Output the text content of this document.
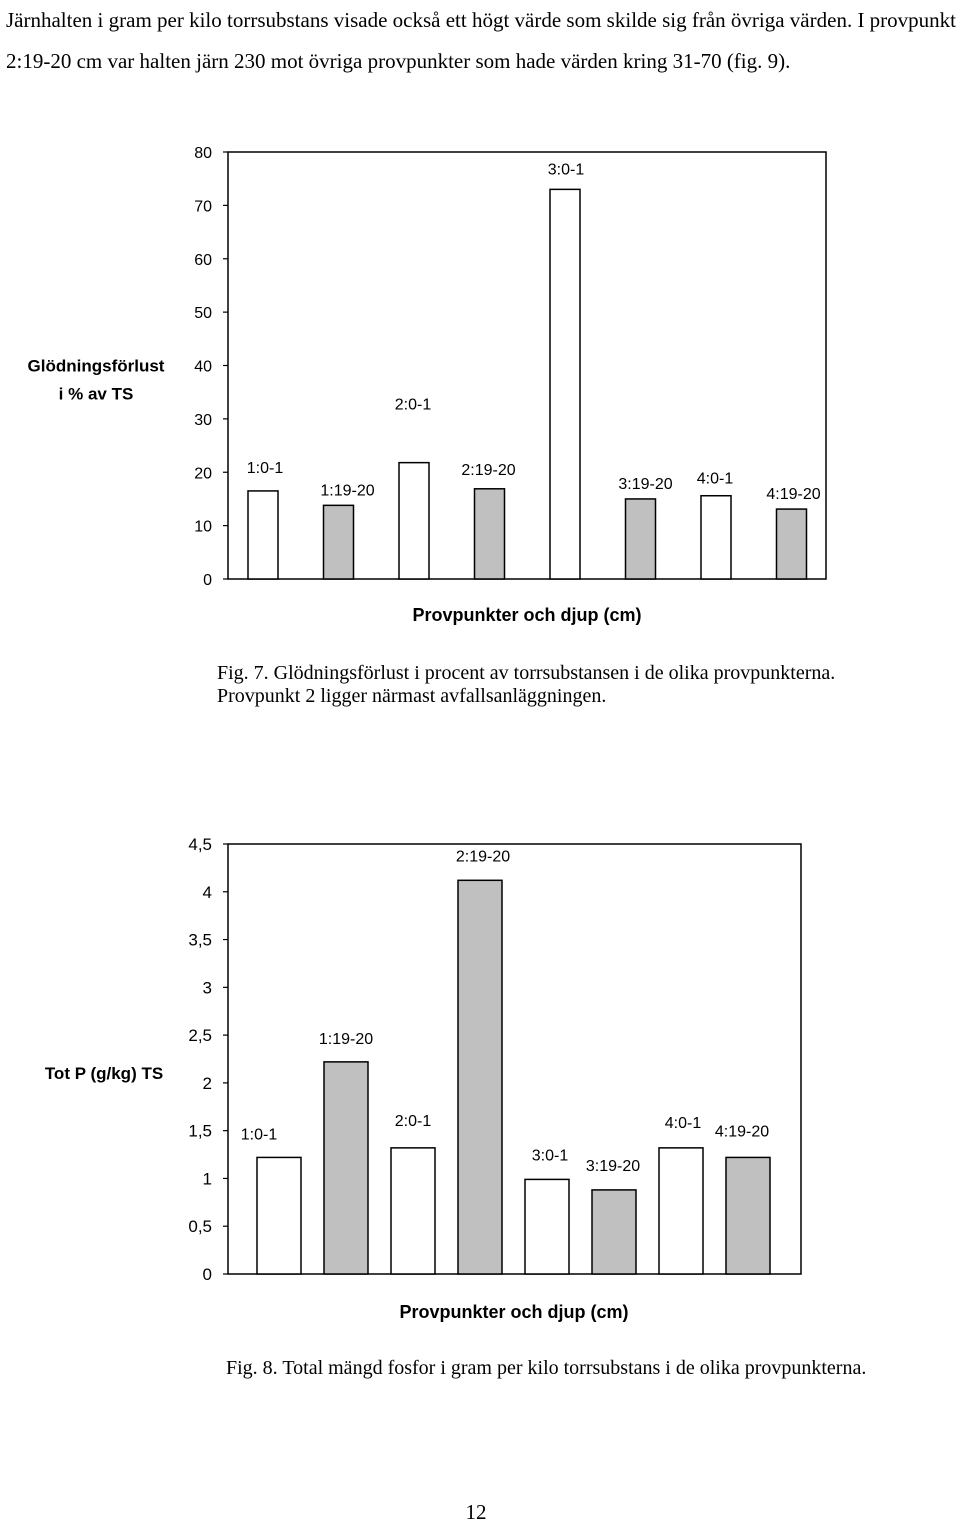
Järnhalten i gram per kilo torrsubstans visade också ett högt värde som skilde sig från övriga värden. I provpunkt 2:19-20 cm var halten järn 230 mot övriga provpunkter som hade värden kring 31-70 (fig. 9).

0
10
20
30
40
50
60
70
80
Glödningsförlust
i % av TS
1:0-1
1:19-20
2:0-1
2:19-20
3:0-1
3:19-20 4:0-1
4:19-20
Provpunkter och djup (cm)

Fig. 7. Glödningsförlust i procent av torrsubstansen i de olika provpunkterna.

Provpunkt 2 ligger närmast avfallsanläggningen.

0
0,5
1
1,5
2
2,5
3
3,5
4
4,5
Tot P (g/kg) TS
1:0-1
1:19-20
2:0-1
2:19-20
3:0-1
3:19-20
4:0-1
4:19-20
Provpunkter och djup (cm)

Fig. 8. Total mängd fosfor i gram per kilo torrsubstans i de olika provpunkterna.

12
